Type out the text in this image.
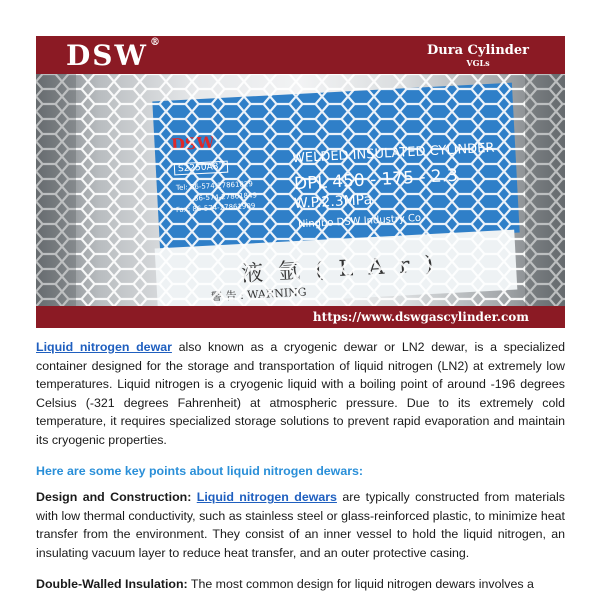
DSW ®
Dura Cylinder
VGLs
https://www.dswgascylinder.com

Liquid nitrogen dewar also known as a cryogenic dewar or LN2 dewar, is a specialized container designed for the storage and transportation of liquid nitrogen (LN2) at extremely low temperatures. Liquid nitrogen is a cryogenic liquid with a boiling point of around -196 degrees Celsius (-321 degrees Fahrenheit) at atmospheric pressure. Due to its extremely cold temperature, it requires specialized storage solutions to prevent rapid evaporation and maintain its cryogenic properties.

Here are some key points about liquid nitrogen dewars:

Design and Construction: Liquid nitrogen dewars are typically constructed from materials with low thermal conductivity, such as stainless steel or glass-reinforced plastic, to minimize heat transfer from the environment. They consist of an inner vessel to hold the liquid nitrogen, an insulating vacuum layer to reduce heat transfer, and an outer protective casing.

Double-Walled Insulation: The most common design for liquid nitrogen dewars involves a
